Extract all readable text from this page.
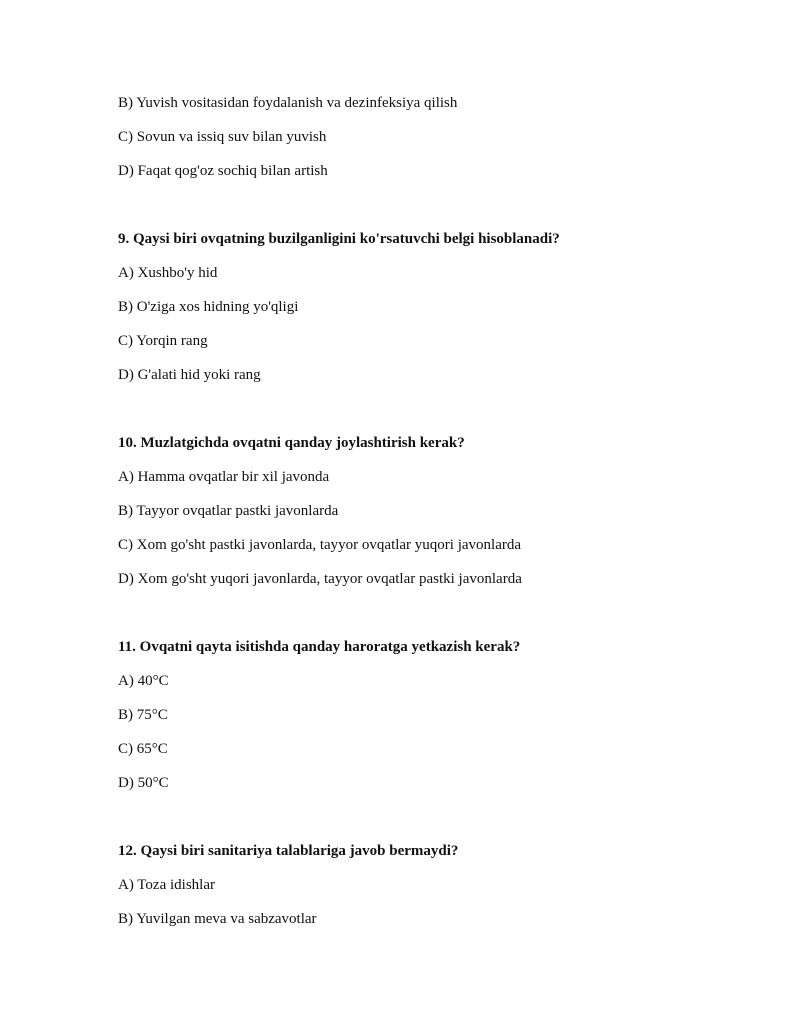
B) Yuvish vositasidan foydalanish va dezinfeksiya qilish
C) Sovun va issiq suv bilan yuvish
D) Faqat qog'oz sochiq bilan artish
9. Qaysi biri ovqatning buzilganligini ko'rsatuvchi belgi hisoblanadi?
A) Xushbo'y hid
B) O'ziga xos hidning yo'qligi
C) Yorqin rang
D) G'alati hid yoki rang
10. Muzlatgichda ovqatni qanday joylashtirish kerak?
A) Hamma ovqatlar bir xil javonda
B) Tayyor ovqatlar pastki javonlarda
C) Xom go'sht pastki javonlarda, tayyor ovqatlar yuqori javonlarda
D) Xom go'sht yuqori javonlarda, tayyor ovqatlar pastki javonlarda
11. Ovqatni qayta isitishda qanday haroratga yetkazish kerak?
A) 40°C
B) 75°C
C) 65°C
D) 50°C
12. Qaysi biri sanitariya talablariga javob bermaydi?
A) Toza idishlar
B) Yuvilgan meva va sabzavotlar
